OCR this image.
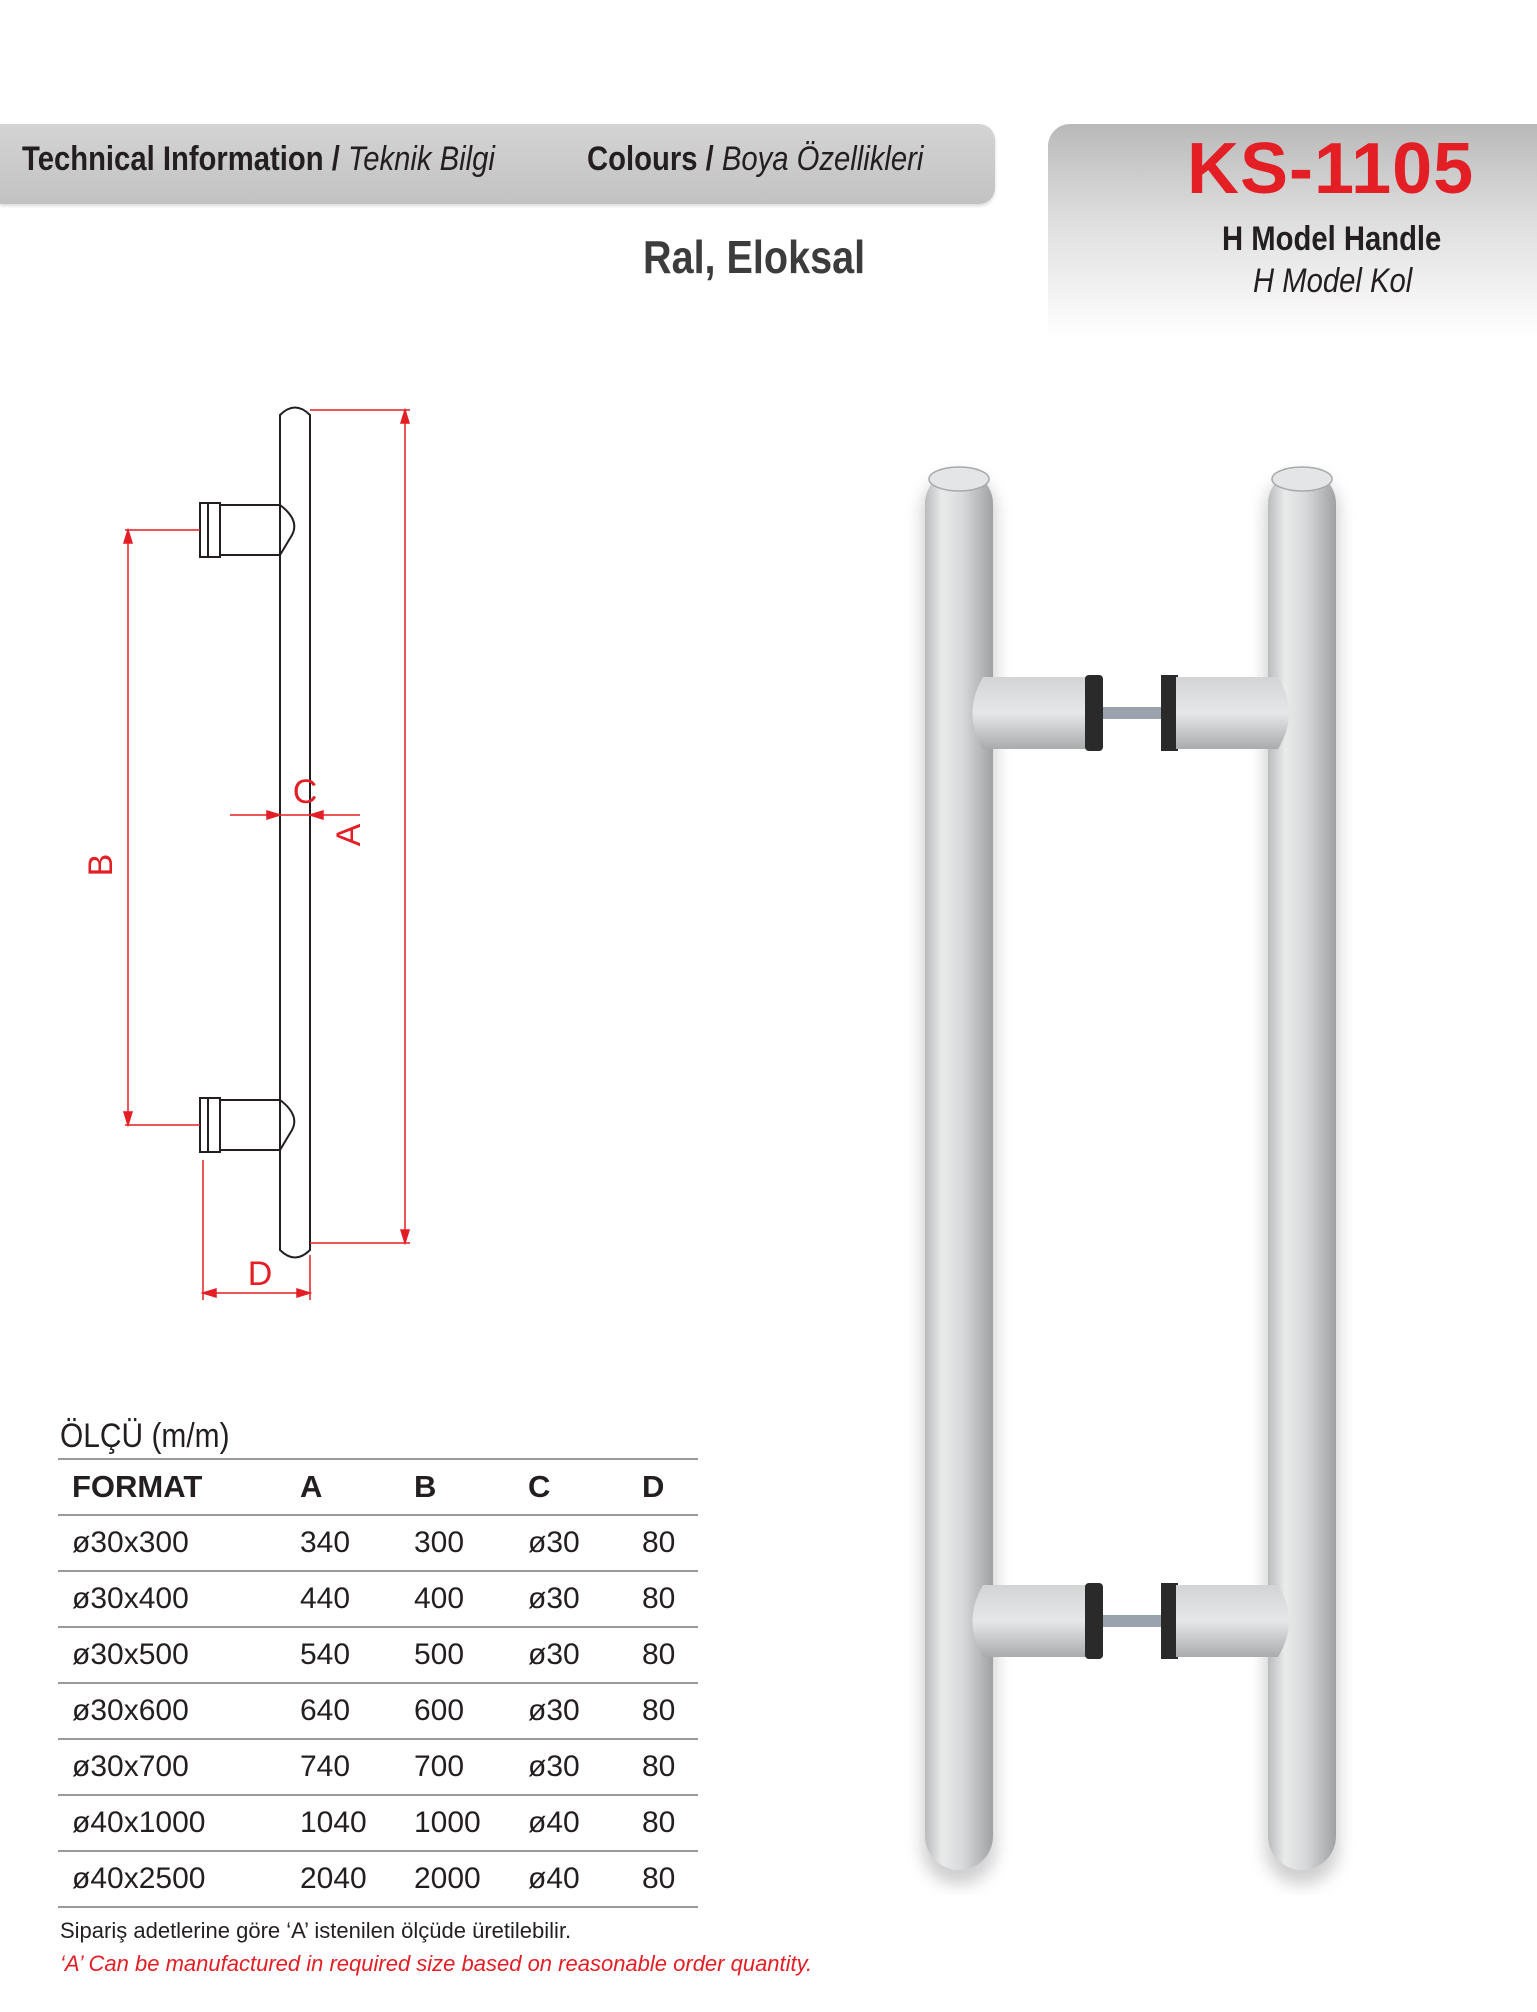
Technical Information / Teknik Bilgi	Colours / Boya Özellikleri
Ral, Eloksal
KS-1105
H Model Handle
H Model Kol
A
B
C
D
ÖLÇÜ (m/m)
FORMAT	A	B	C	D
ø30x300	340	300	ø30	80
ø30x400	440	400	ø30	80
ø30x500	540	500	ø30	80
ø30x600	640	600	ø30	80
ø30x700	740	700	ø30	80
ø40x1000	1040	1000	ø40	80
ø40x2500	2040	2000	ø40	80
Sipariş adetlerine göre ‘A’ istenilen ölçüde üretilebilir.
‘A’ Can be manufactured in required size based on reasonable order quantity.
